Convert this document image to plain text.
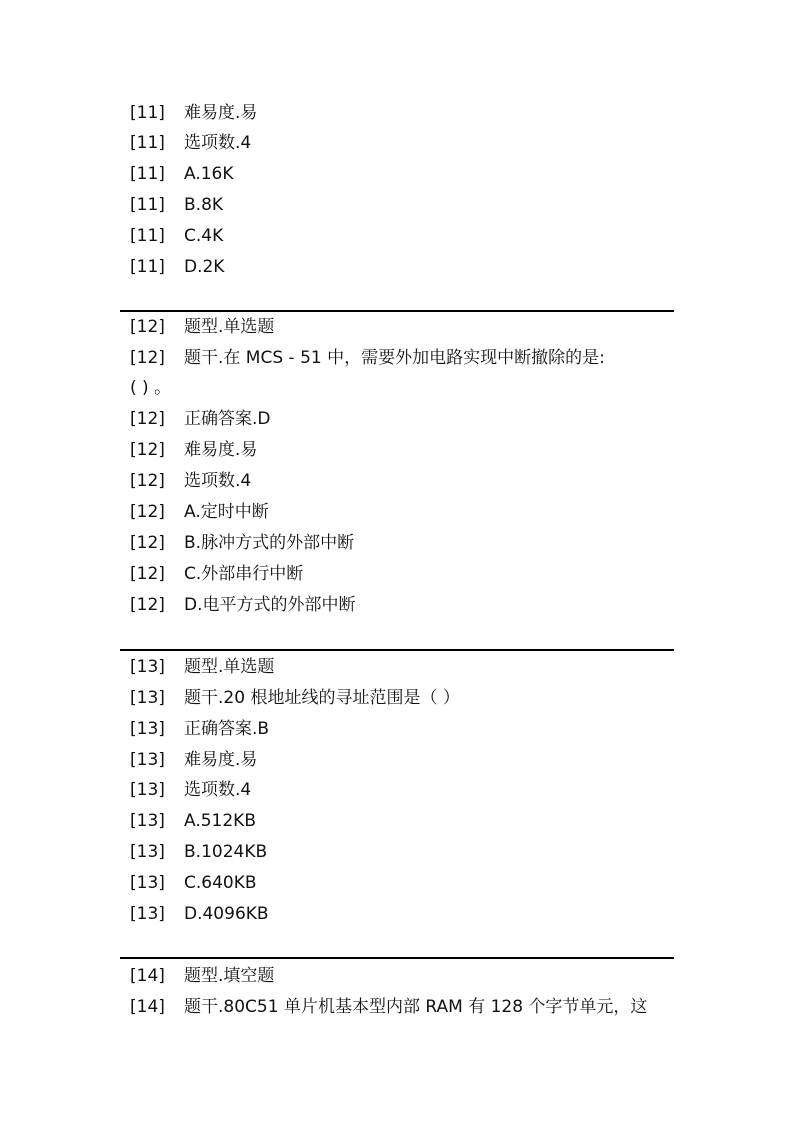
[11] 难易度.易
[11] 选项数.4
[11] A.16K
[11] B.8K
[11] C.4K
[11] D.2K
[12] 题型.单选题
[12] 题干.在 MCS - 51 中，需要外加电路实现中断撤除的是:
( ) 。
[12] 正确答案.D
[12] 难易度.易
[12] 选项数.4
[12] A.定时中断
[12] B.脉冲方式的外部中断
[12] C.外部串行中断
[12] D.电平方式的外部中断
[13] 题型.单选题
[13] 题干.20 根地址线的寻址范围是（ ）
[13] 正确答案.B
[13] 难易度.易
[13] 选项数.4
[13] A.512KB
[13] B.1024KB
[13] C.640KB
[13] D.4096KB
[14] 题型.填空题
[14] 题干.80C51 单片机基本型内部 RAM 有 128 个字节单元，这
